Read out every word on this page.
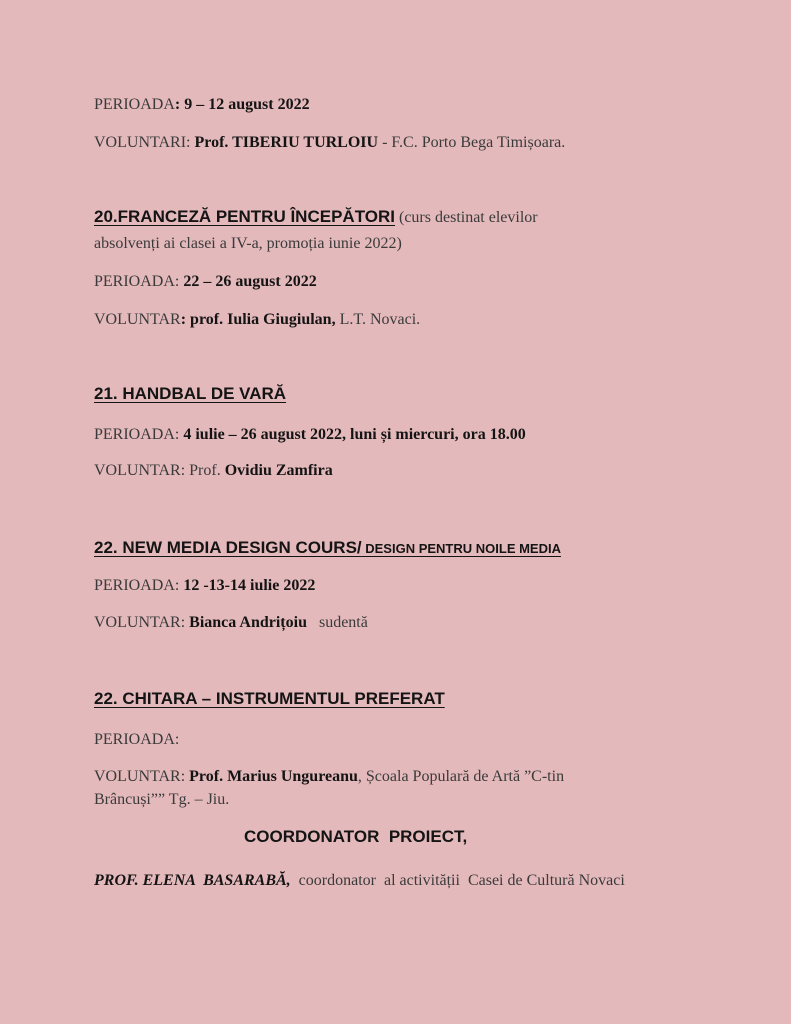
PERIOADA: 9 – 12 august 2022
VOLUNTARI: Prof. TIBERIU TURLOIU - F.C. Porto Bega Timișoara.
20.FRANCEZĂ PENTRU ÎNCEPĂTORI (curs destinat elevilor
absolvenți ai clasei a IV-a, promoția iunie 2022)
PERIOADA: 22 – 26 august 2022
VOLUNTAR: prof. Iulia Giugiulan, L.T. Novaci.
21. HANDBAL DE VARĂ
PERIOADA: 4 iulie – 26 august 2022, luni și miercuri, ora 18.00
VOLUNTAR: Prof. Ovidiu Zamfira
22. NEW MEDIA DESIGN COURS/ DESIGN PENTRU NOILE MEDIA
PERIOADA: 12 -13-14 iulie 2022
VOLUNTAR: Bianca Andrițoiu   sudentă
22. CHITARA – INSTRUMENTUL PREFERAT
PERIOADA:
VOLUNTAR: Prof. Marius Ungureanu, Școala Populară de Artă ”C-tin
Brâncuși”” Tg. – Jiu.
COORDONATOR  PROIECT,
PROF. ELENA  BASARABĂ,  coordonator  al activității  Casei de Cultură Novaci
